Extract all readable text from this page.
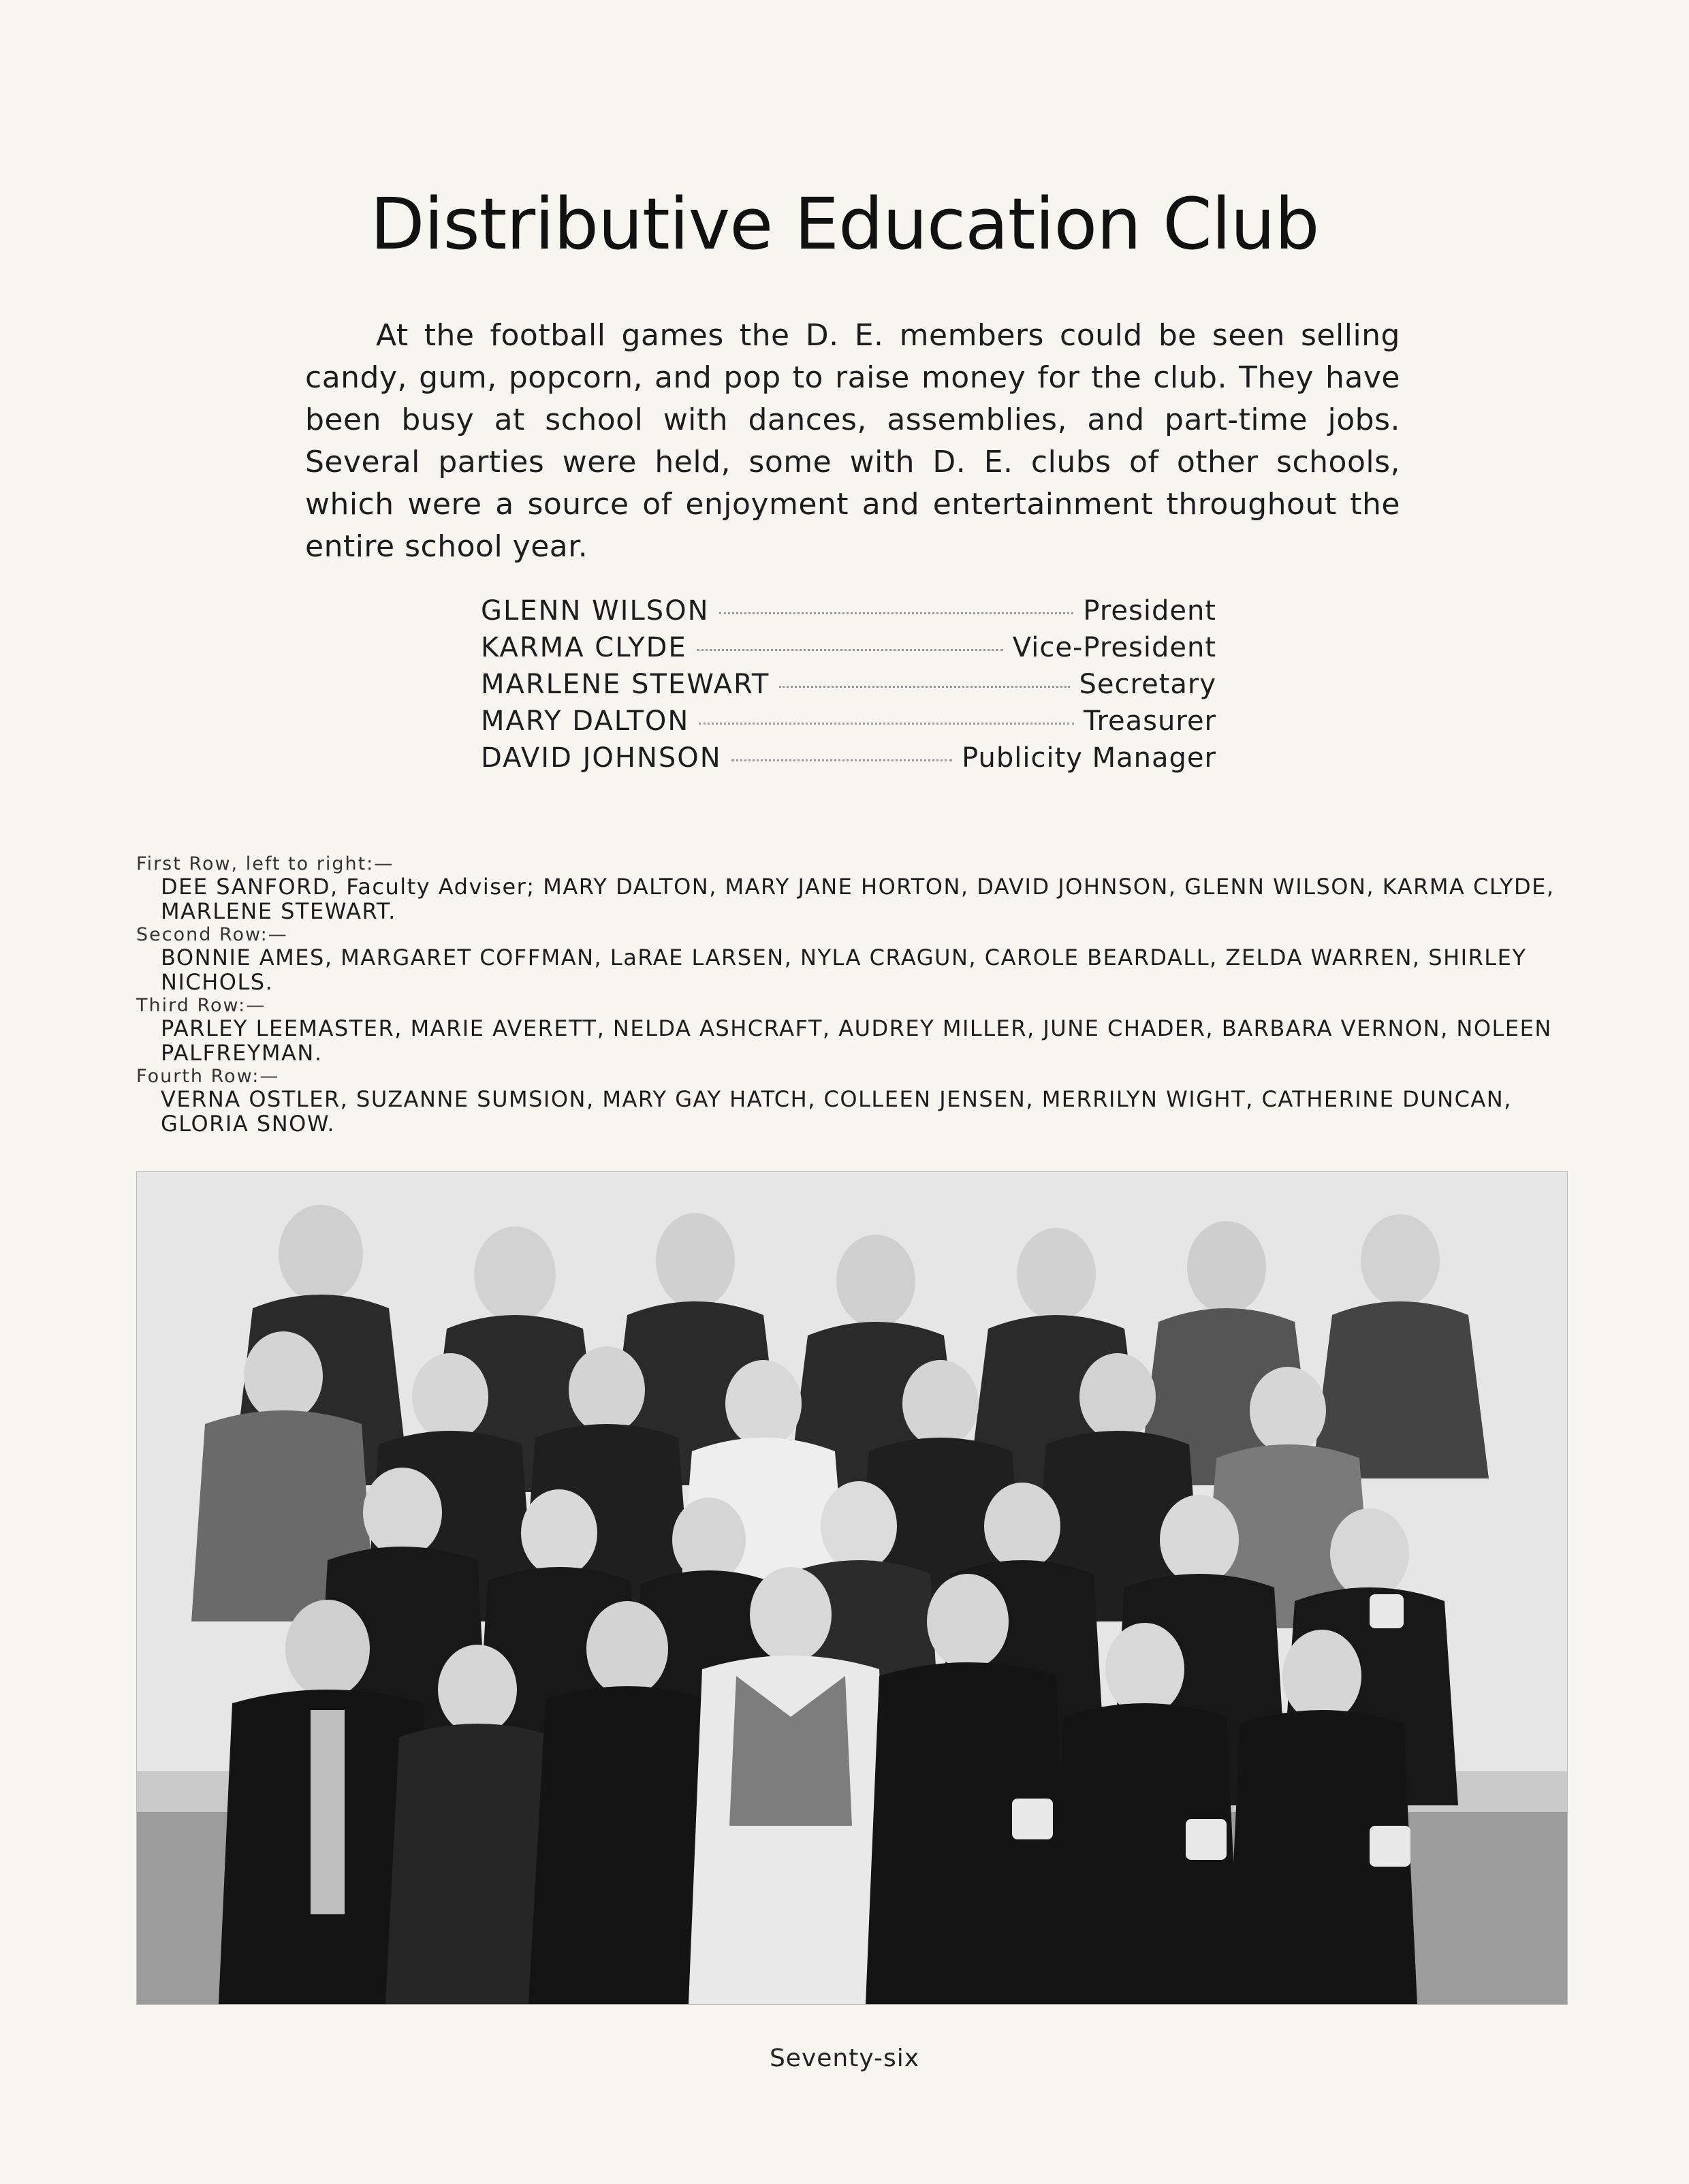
Distributive Education Club

At the football games the D. E. members could be seen selling candy, gum, popcorn, and pop to raise money for the club. They have been busy at school with dances, assemblies, and part-time jobs. Several parties were held, some with D. E. clubs of other schools, which were a source of enjoyment and entertainment throughout the entire school year.

GLENN WILSON	President
KARMA CLYDE	Vice-President
MARLENE STEWART	Secretary
MARY DALTON	Treasurer
DAVID JOHNSON	Publicity Manager
First Row, left to right:—

DEE SANFORD, Faculty Adviser; MARY DALTON, MARY JANE HORTON, DAVID JOHNSON, GLENN WILSON, KARMA CLYDE, MARLENE STEWART.

Second Row:—

BONNIE AMES, MARGARET COFFMAN, LaRAE LARSEN, NYLA CRAGUN, CAROLE BEARDALL, ZELDA WARREN, SHIRLEY NICHOLS.

Third Row:—

PARLEY LEEMASTER, MARIE AVERETT, NELDA ASHCRAFT, AUDREY MILLER, JUNE CHADER, BARBARA VERNON, NOLEEN PALFREYMAN.

Fourth Row:—

VERNA OSTLER, SUZANNE SUMSION, MARY GAY HATCH, COLLEEN JENSEN, MERRILYN WIGHT, CATHERINE DUNCAN, GLORIA SNOW.

Seventy-six
